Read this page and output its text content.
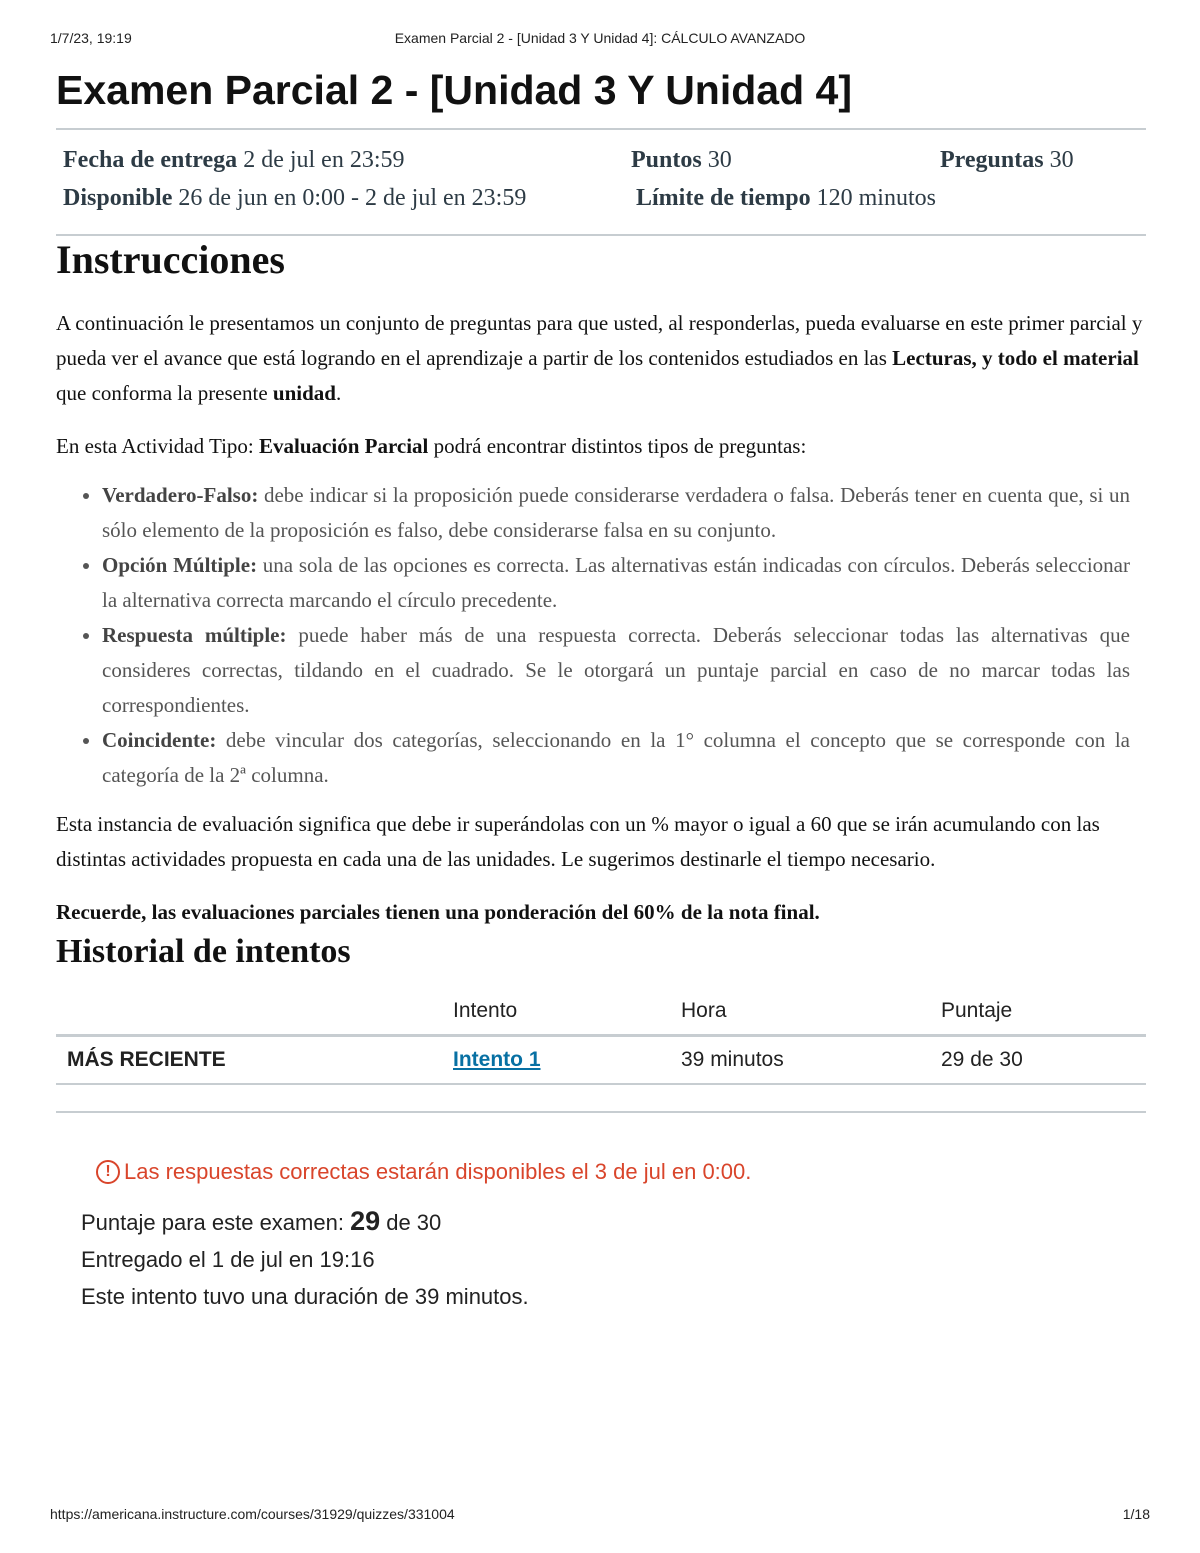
1/7/23, 19:19	Examen Parcial 2 - [Unidad 3 Y Unidad 4]: CÁLCULO AVANZADO
Examen Parcial 2 - [Unidad 3 Y Unidad 4]
Fecha de entrega 2 de jul en 23:59	Puntos 30	Preguntas 30
Disponible 26 de jun en 0:00 - 2 de jul en 23:59	Límite de tiempo 120 minutos
Instrucciones

A continuación le presentamos un conjunto de preguntas para que usted, al responderlas, pueda evaluarse en este primer parcial y pueda ver el avance que está logrando en el aprendizaje a partir de los contenidos estudiados en las Lecturas, y todo el material que conforma la presente unidad.

En esta Actividad Tipo: Evaluación Parcial podrá encontrar distintos tipos de preguntas:

• Verdadero-Falso: debe indicar si la proposición puede considerarse verdadera o falsa. Deberás tener en cuenta que, si un sólo elemento de la proposición es falso, debe considerarse falsa en su conjunto.
• Opción Múltiple: una sola de las opciones es correcta. Las alternativas están indicadas con círculos. Deberás seleccionar la alternativa correcta marcando el círculo precedente.
• Respuesta múltiple: puede haber más de una respuesta correcta. Deberás seleccionar todas las alternativas que consideres correctas, tildando en el cuadrado. Se le otorgará un puntaje parcial en caso de no marcar todas las correspondientes.
• Coincidente: debe vincular dos categorías, seleccionando en la 1° columna el concepto que se corresponde con la categoría de la 2ª columna.

Esta instancia de evaluación significa que debe ir superándolas con un % mayor o igual a 60 que se irán acumulando con las distintas actividades propuesta en cada una de las unidades. Le sugerimos destinarle el tiempo necesario.

Recuerde, las evaluaciones parciales tienen una ponderación del 60% de la nota final.

Historial de intentos
	Intento	Hora	Puntaje
MÁS RECIENTE	Intento 1	39 minutos	29 de 30
! Las respuestas correctas estarán disponibles el 3 de jul en 0:00.
Puntaje para este examen: 29 de 30
Entregado el 1 de jul en 19:16
Este intento tuvo una duración de 39 minutos.
https://americana.instructure.com/courses/31929/quizzes/331004	1/18
